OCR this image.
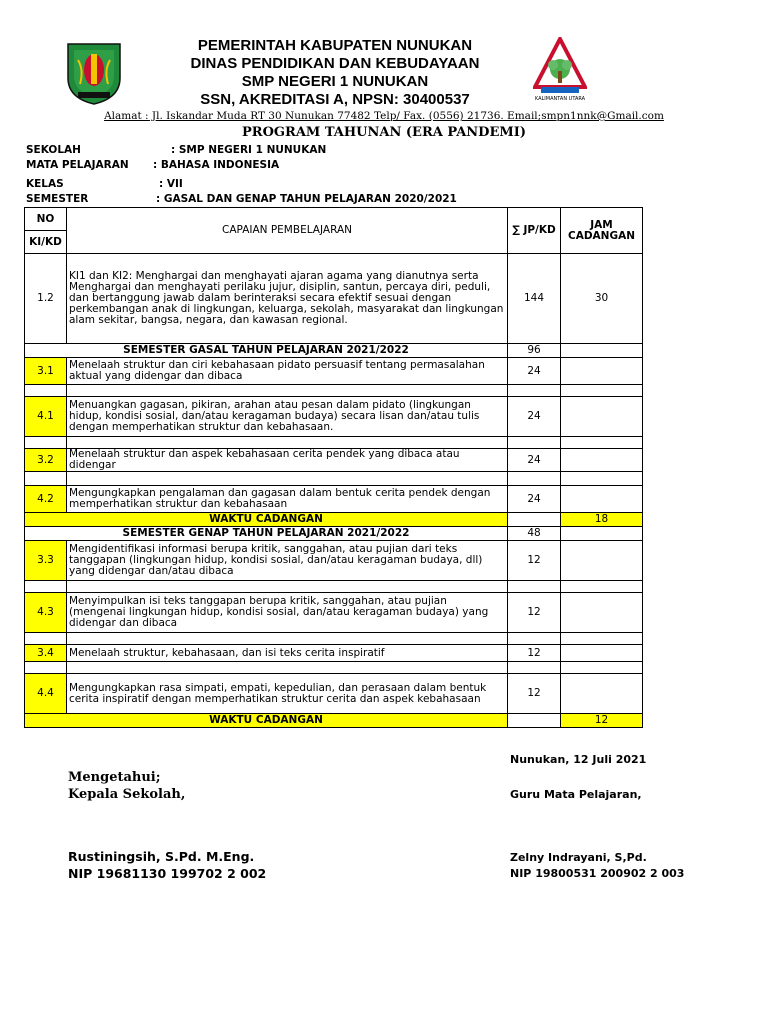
PEMERINTAH KABUPATEN NUNUKAN
DINAS PENDIDIKAN DAN KEBUDAYAAN
SMP NEGERI 1 NUNUKAN
SSN, AKREDITASI A, NPSN: 30400537	KALIMANTAN UTARA
Alamat : Jl. Iskandar Muda RT 30 Nunukan 77482 Telp/ Fax. (0556) 21736. Email;smpn1nnk@Gmail.com
PROGRAM TAHUNAN (ERA PANDEMI)
SEKOLAH	: SMP NEGERI 1 NUNUKAN
MATA PELAJARAN : BAHASA INDONESIA
KELAS	: VII
SEMESTER	: GASAL DAN GENAP TAHUN PELAJARAN 2020/2021
NO	CAPAIAN PEMBELAJARAN	∑ JP/KD	JAM CADANGAN
KI/KD			
1.2	KI1 dan KI2: Menghargai dan menghayati ajaran agama yang dianutnya serta Menghargai dan menghayati perilaku jujur, disiplin, santun, percaya diri, peduli, dan bertanggung jawab dalam berinteraksi secara efektif sesuai dengan perkembangan anak di lingkungan, keluarga, sekolah, masyarakat dan lingkungan alam sekitar, bangsa, negara, dan kawasan regional.	144	30
SEMESTER GASAL TAHUN PELAJARAN 2021/2022		96	
3.1	Menelaah struktur dan ciri kebahasaan pidato persuasif tentang permasalahan aktual yang didengar dan dibaca	24	

4.1	Menuangkan gagasan, pikiran, arahan atau pesan dalam pidato (lingkungan hidup, kondisi sosial, dan/atau keragaman budaya) secara lisan dan/atau tulis dengan memperhatikan struktur dan kebahasaan.	24	

3.2	Menelaah struktur dan aspek kebahasaan cerita pendek yang dibaca atau didengar	24	

4.2	Mengungkapkan pengalaman dan gagasan dalam bentuk cerita pendek dengan memperhatikan struktur dan kebahasaan	24	
WAKTU CADANGAN			18
SEMESTER GENAP TAHUN PELAJARAN 2021/2022		48	
3.3	Mengidentifikasi informasi berupa kritik, sanggahan, atau pujian dari teks tanggapan (lingkungan hidup, kondisi sosial, dan/atau keragaman budaya, dll) yang didengar dan/atau dibaca	12	

4.3	Menyimpulkan isi teks tanggapan berupa kritik, sanggahan, atau pujian (mengenai lingkungan hidup, kondisi sosial, dan/atau keragaman budaya) yang didengar dan dibaca	12	

3.4	Menelaah struktur, kebahasaan, dan isi teks cerita inspiratif	12	

4.4	Mengungkapkan rasa simpati, empati, kepedulian, dan perasaan dalam bentuk cerita inspiratif dengan memperhatikan struktur cerita dan aspek kebahasaan	12	
WAKTU CADANGAN			12
Nunukan, 12 Juli 2021
Mengetahui;
Kepala Sekolah,	Guru Mata Pelajaran,
Rustiningsih, S.Pd. M.Eng.
NIP 19681130 199702 2 002
Zelny Indrayani, S,Pd.
NIP 19800531 200902 2 003
